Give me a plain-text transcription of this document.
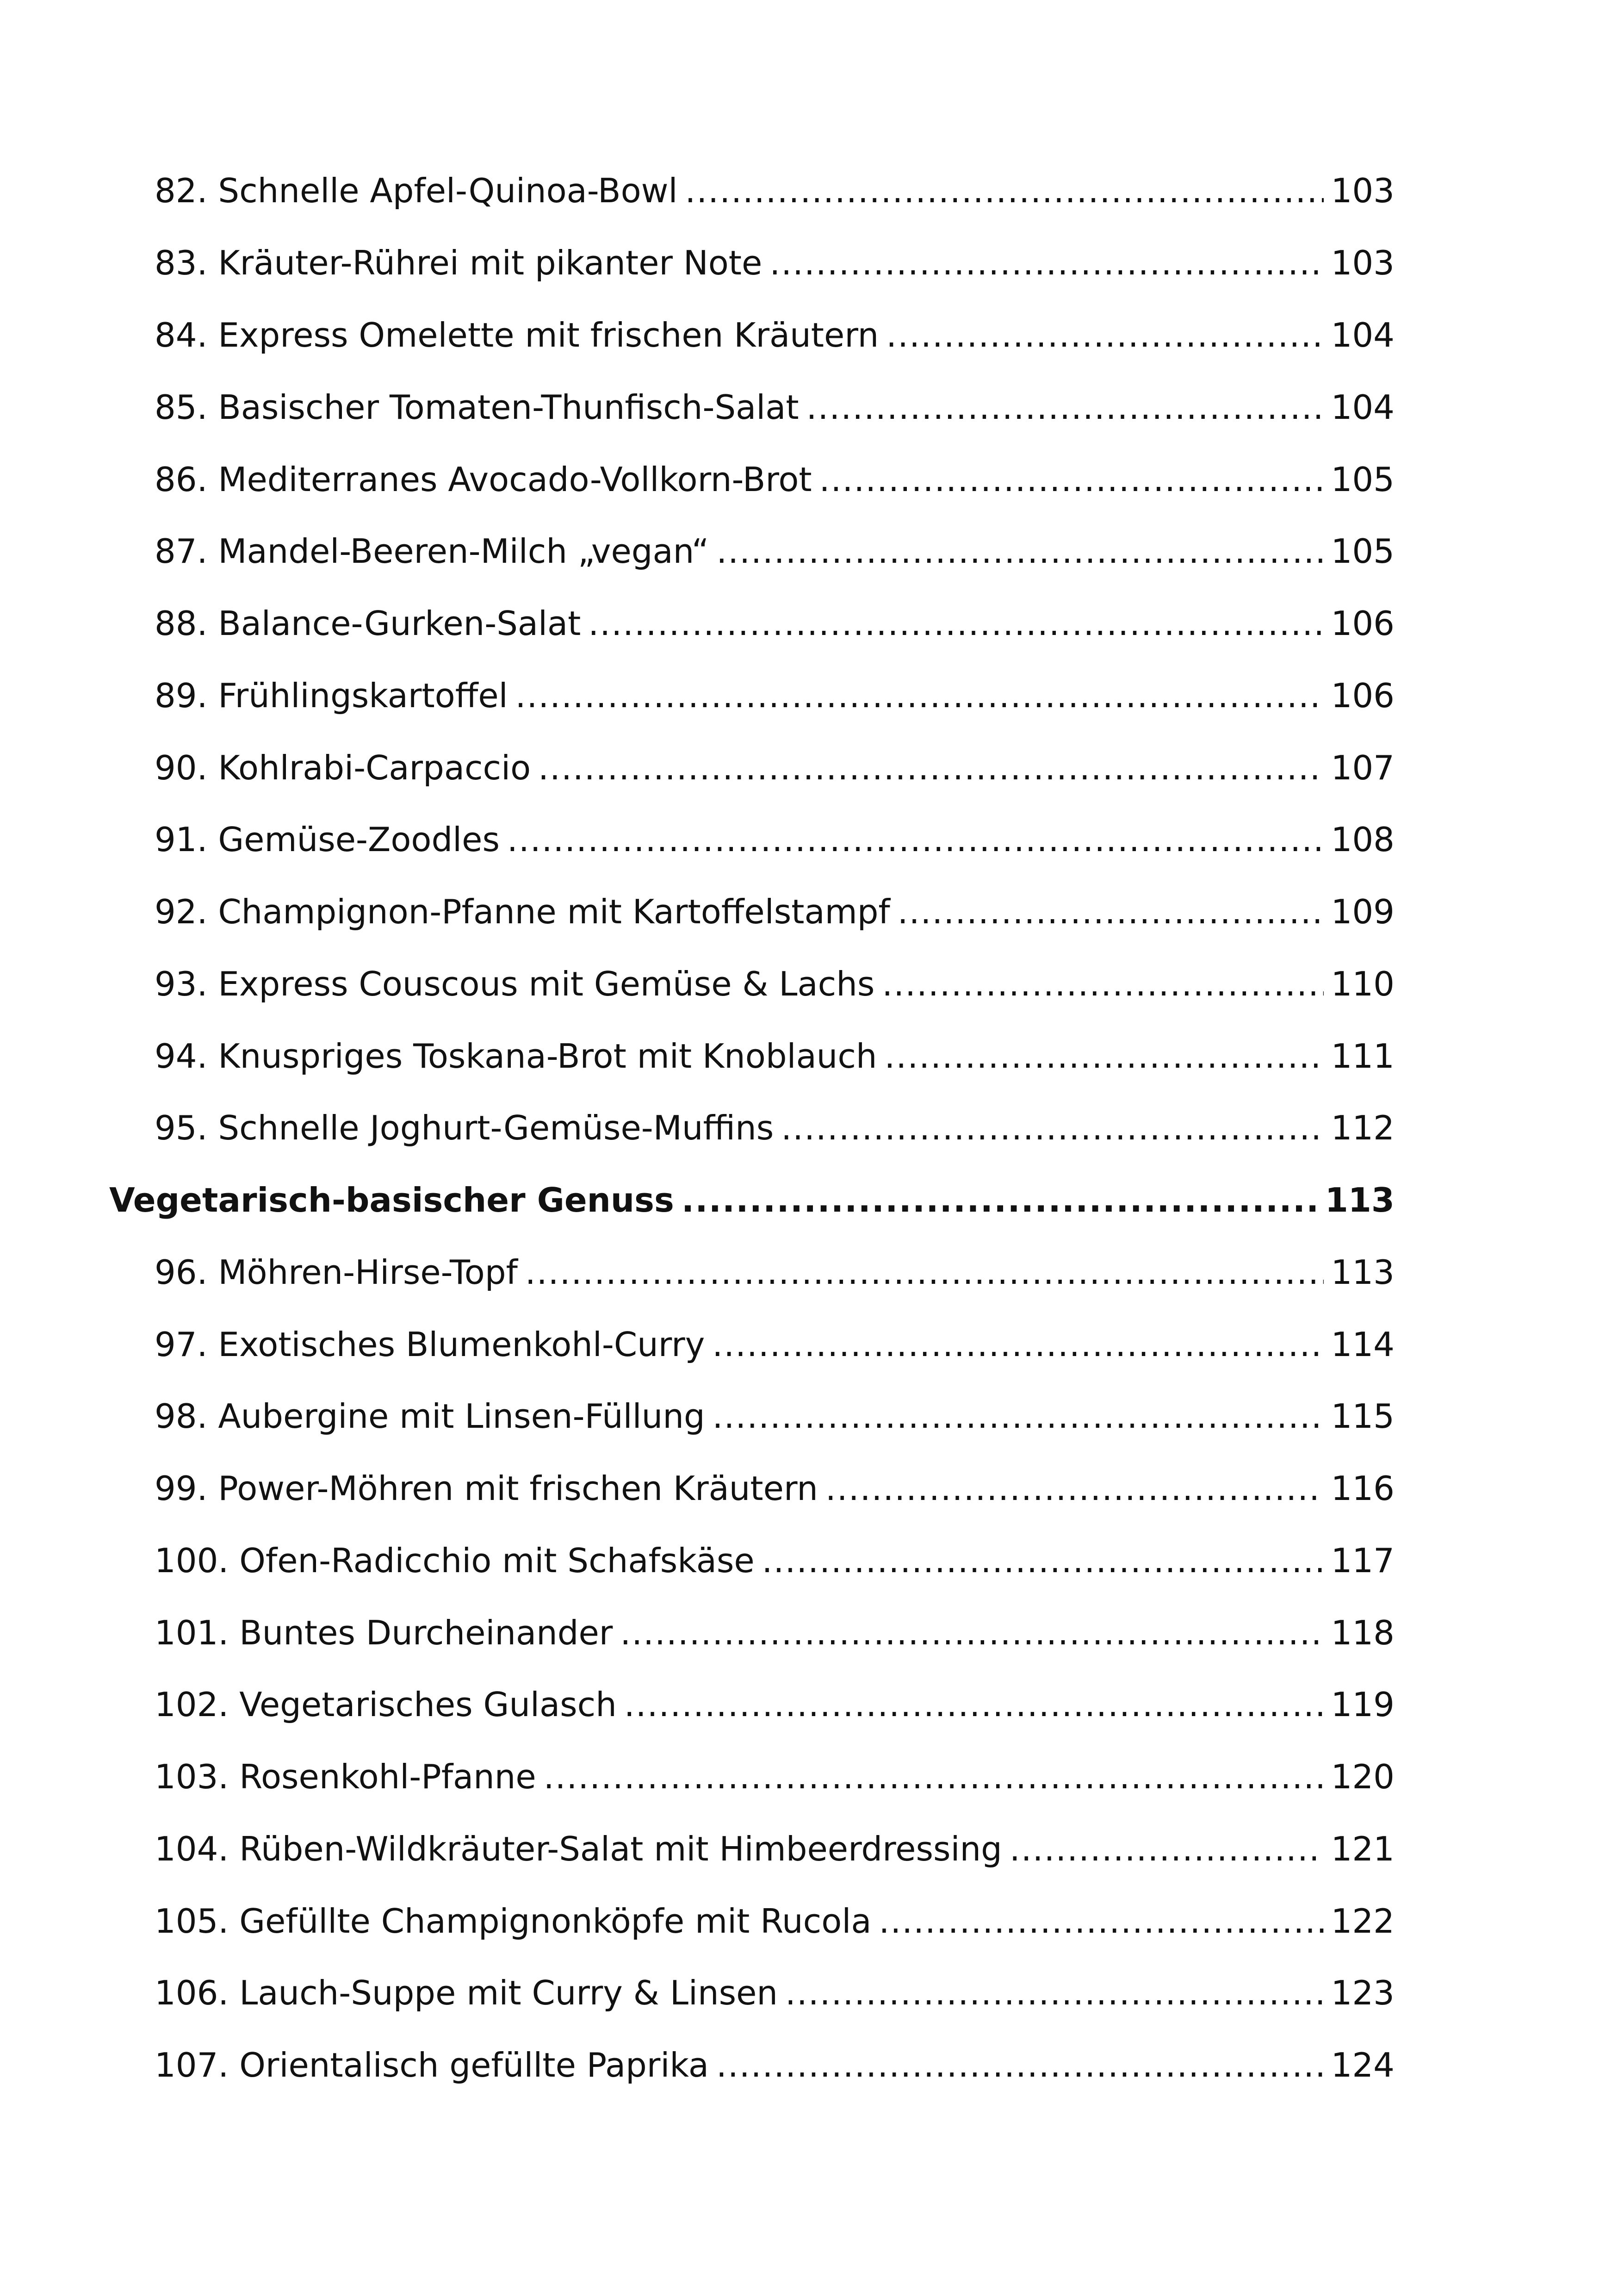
82. Schnelle Apfel-Quinoa-Bowl .....	103
83. Kräuter-Rührei mit pikanter Note .....	103
84. Express Omelette mit frischen Kräutern .....	104
85. Basischer Tomaten-Thunfisch-Salat .....	104
86. Mediterranes Avocado-Vollkorn-Brot .....	105
87. Mandel-Beeren-Milch „vegan“ .....	105
88. Balance-Gurken-Salat .....	106
89. Frühlingskartoffel .....	106
90. Kohlrabi-Carpaccio .....	107
91. Gemüse-Zoodles .....	108
92. Champignon-Pfanne mit Kartoffelstampf .....	109
93. Express Couscous mit Gemüse & Lachs .....	110
94. Knuspriges Toskana-Brot mit Knoblauch .....	111
95. Schnelle Joghurt-Gemüse-Muffins .....	112
Vegetarisch-basischer Genuss .....	113
96. Möhren-Hirse-Topf .....	113
97. Exotisches Blumenkohl-Curry .....	114
98. Aubergine mit Linsen-Füllung .....	115
99. Power-Möhren mit frischen Kräutern .....	116
100. Ofen-Radicchio mit Schafskäse .....	117
101. Buntes Durcheinander .....	118
102. Vegetarisches Gulasch .....	119
103. Rosenkohl-Pfanne .....	120
104. Rüben-Wildkräuter-Salat mit Himbeerdressing .....	121
105. Gefüllte Champignonköpfe mit Rucola .....	122
106. Lauch-Suppe mit Curry & Linsen .....	123
107. Orientalisch gefüllte Paprika .....	124
